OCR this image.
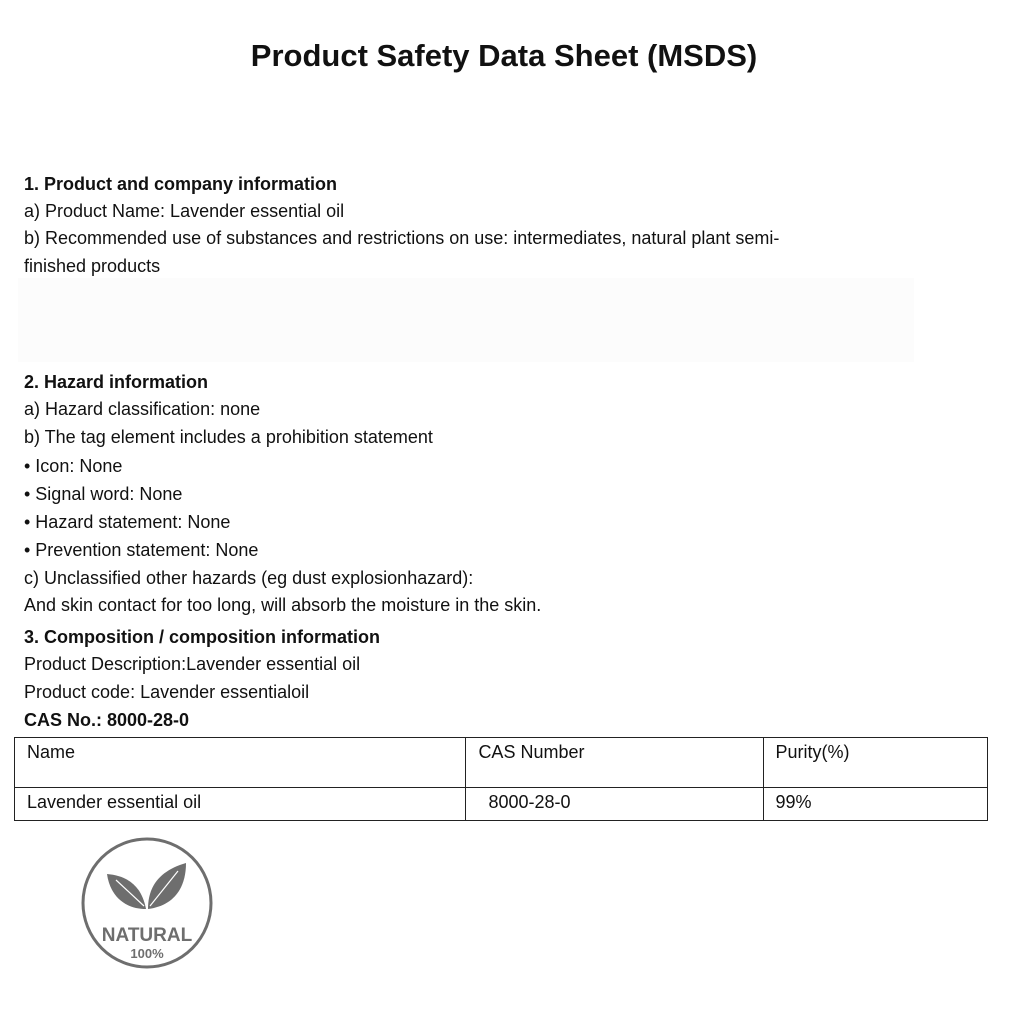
Product Safety Data Sheet (MSDS)
1. Product and company information
a) Product Name: Lavender essential oil
b) Recommended use of substances and restrictions on use: intermediates, natural plant semi-
finished products
2. Hazard information
a) Hazard classification: none
b) The tag element includes a prohibition statement
• Icon: None
• Signal word: None
• Hazard statement: None
• Prevention statement: None
c) Unclassified other hazards (eg dust explosionhazard):
And skin contact for too long, will absorb the moisture in the skin.
3. Composition / composition information
Product Description:Lavender essential oil
Product code: Lavender essentialoil
CAS No.: 8000-28-0
Name	CAS Number	Purity(%)
Lavender essential oil	8000-28-0	99%
NATURAL
100%
